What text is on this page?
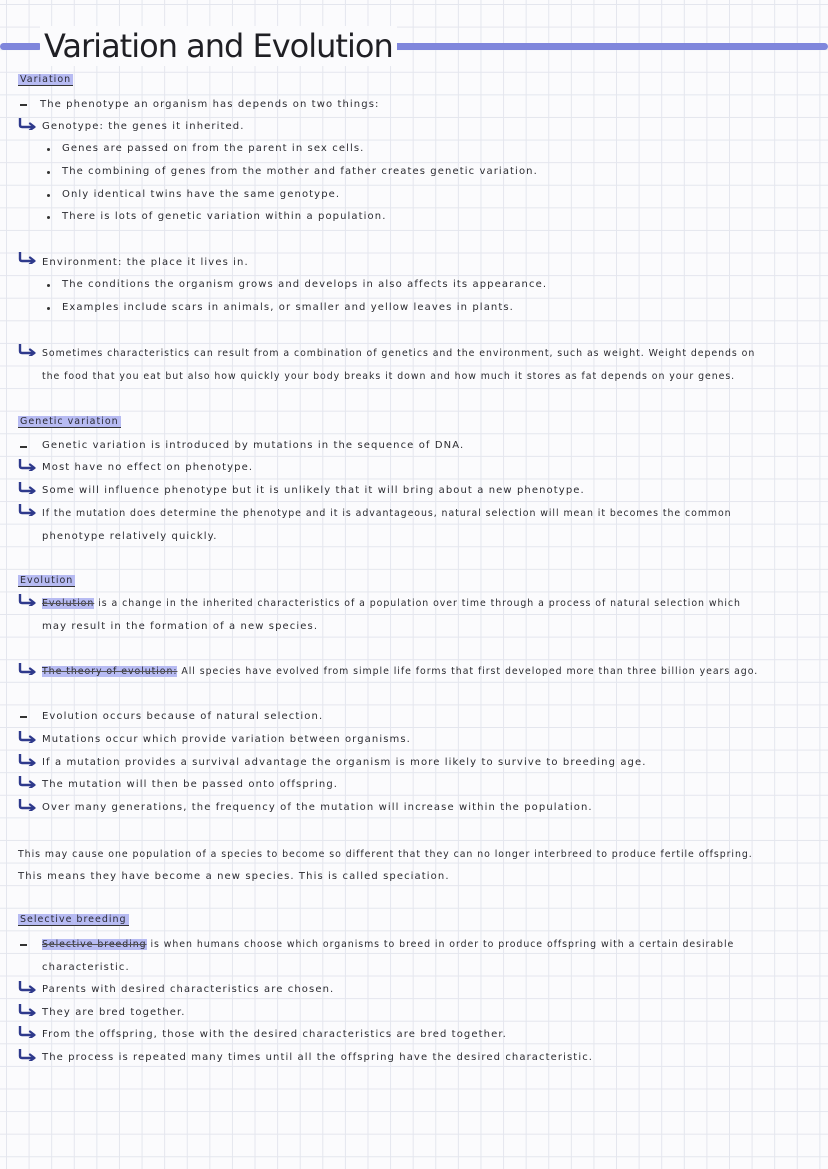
Variation and Evolution
Variation
The phenotype an organism has depends on two things:
Genotype: the genes it inherited.
Genes are passed on from the parent in sex cells.
The combining of genes from the mother and father creates genetic variation.
Only identical twins have the same genotype.
There is lots of genetic variation within a population.
Environment: the place it lives in.
The conditions the organism grows and develops in also affects its appearance.
Examples include scars in animals, or smaller and yellow leaves in plants.
Sometimes characteristics can result from a combination of genetics and the environment, such as weight. Weight depends on
the food that you eat but also how quickly your body breaks it down and how much it stores as fat depends on your genes.
Genetic variation
Genetic variation is introduced by mutations in the sequence of DNA.
Most have no effect on phenotype.
Some will influence phenotype but it is unlikely that it will bring about a new phenotype.
If the mutation does determine the phenotype and it is advantageous, natural selection will mean it becomes the common
phenotype relatively quickly.
Evolution
Evolution is a change in the inherited characteristics of a population over time through a process of natural selection which
may result in the formation of a new species.
The theory of evolution: All species have evolved from simple life forms that first developed more than three billion years ago.
Evolution occurs because of natural selection.
Mutations occur which provide variation between organisms.
If a mutation provides a survival advantage the organism is more likely to survive to breeding age.
The mutation will then be passed onto offspring.
Over many generations, the frequency of the mutation will increase within the population.
This may cause one population of a species to become so different that they can no longer interbreed to produce fertile offspring.
This means they have become a new species. This is called speciation.
Selective breeding
Selective breeding is when humans choose which organisms to breed in order to produce offspring with a certain desirable
characteristic.
Parents with desired characteristics are chosen.
They are bred together.
From the offspring, those with the desired characteristics are bred together.
The process is repeated many times until all the offspring have the desired characteristic.
